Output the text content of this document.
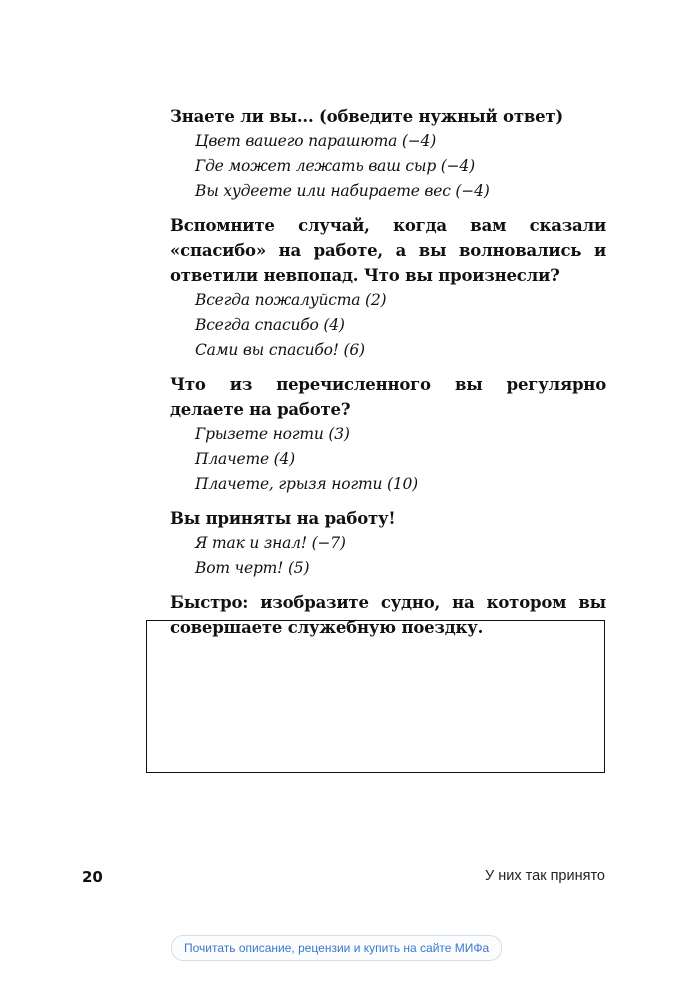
Знаете ли вы... (обведите нужный ответ)

Цвет вашего парашюта (−4)
Где может лежать ваш сыр (−4)
Вы худеете или набираете вес (−4)

Вспомните случай, когда вам сказали «спасибо» на работе, а вы волновались и ответили невпопад. Что вы произнесли?

Всегда пожалуйста (2)
Всегда спасибо (4)
Сами вы спасибо! (6)

Что из перечисленного вы регулярно делаете на работе?

Грызете ногти (3)
Плачете (4)
Плачете, грызя ногти (10)

Вы приняты на работу!

Я так и знал! (−7)
Вот черт! (5)

Быстро: изобразите судно, на котором вы совершаете служебную поездку.

20	У них так принято
Почитать описание, рецензии и купить на сайте МИФа
